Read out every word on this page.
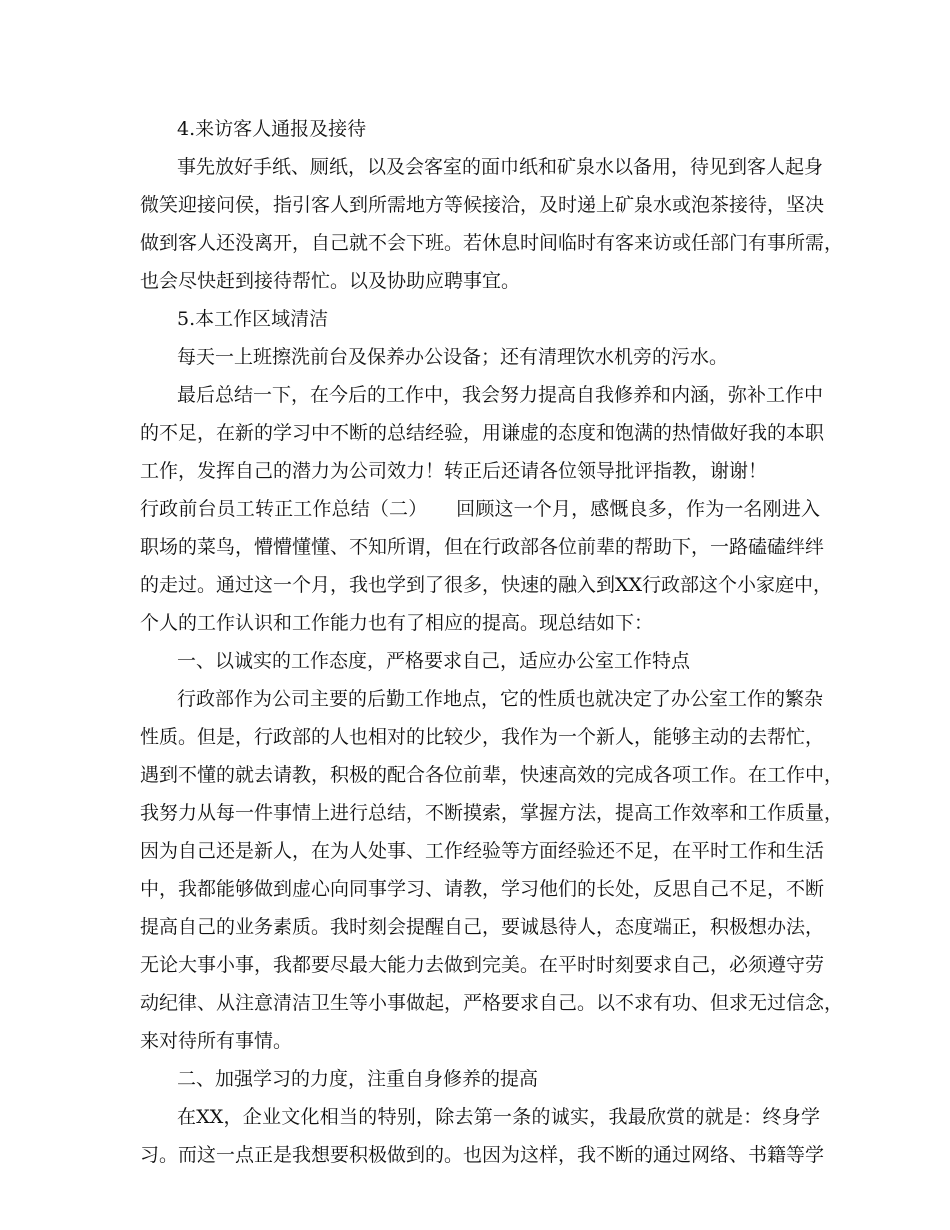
4.来访客人通报及接待
事先放好手纸、厕纸，以及会客室的面巾纸和矿泉水以备用，待见到客人起身
微笑迎接问侯，指引客人到所需地方等候接洽，及时递上矿泉水或泡茶接待，坚决
做到客人还没离开，自己就不会下班。若休息时间临时有客来访或任部门有事所需，
也会尽快赶到接待帮忙。以及协助应聘事宜。
5.本工作区域清洁
每天一上班擦洗前台及保养办公设备；还有清理饮水机旁的污水。
最后总结一下，在今后的工作中，我会努力提高自我修养和内涵，弥补工作中
的不足，在新的学习中不断的总结经验，用谦虚的态度和饱满的热情做好我的本职
工作，发挥自己的潜力为公司效力！转正后还请各位领导批评指教，谢谢！
行政前台员工转正工作总结（二）　　回顾这一个月，感慨良多，作为一名刚进入
职场的菜鸟，懵懵懂懂、不知所谓，但在行政部各位前辈的帮助下，一路磕磕绊绊
的走过。通过这一个月，我也学到了很多，快速的融入到XX行政部这个小家庭中，
个人的工作认识和工作能力也有了相应的提高。现总结如下：
一、以诚实的工作态度，严格要求自己，适应办公室工作特点
行政部作为公司主要的后勤工作地点，它的性质也就决定了办公室工作的繁杂
性质。但是，行政部的人也相对的比较少，我作为一个新人，能够主动的去帮忙，
遇到不懂的就去请教，积极的配合各位前辈，快速高效的完成各项工作。在工作中，
我努力从每一件事情上进行总结，不断摸索，掌握方法，提高工作效率和工作质量，
因为自己还是新人，在为人处事、工作经验等方面经验还不足，在平时工作和生活
中，我都能够做到虚心向同事学习、请教，学习他们的长处，反思自己不足，不断
提高自己的业务素质。我时刻会提醒自己，要诚恳待人，态度端正，积极想办法，
无论大事小事，我都要尽最大能力去做到完美。在平时时刻要求自己，必须遵守劳
动纪律、从注意清洁卫生等小事做起，严格要求自己。以不求有功、但求无过信念，
来对待所有事情。
二、加强学习的力度，注重自身修养的提高
在XX，企业文化相当的特别，除去第一条的诚实，我最欣赏的就是：终身学
习。而这一点正是我想要积极做到的。也因为这样，我不断的通过网络、书籍等学
